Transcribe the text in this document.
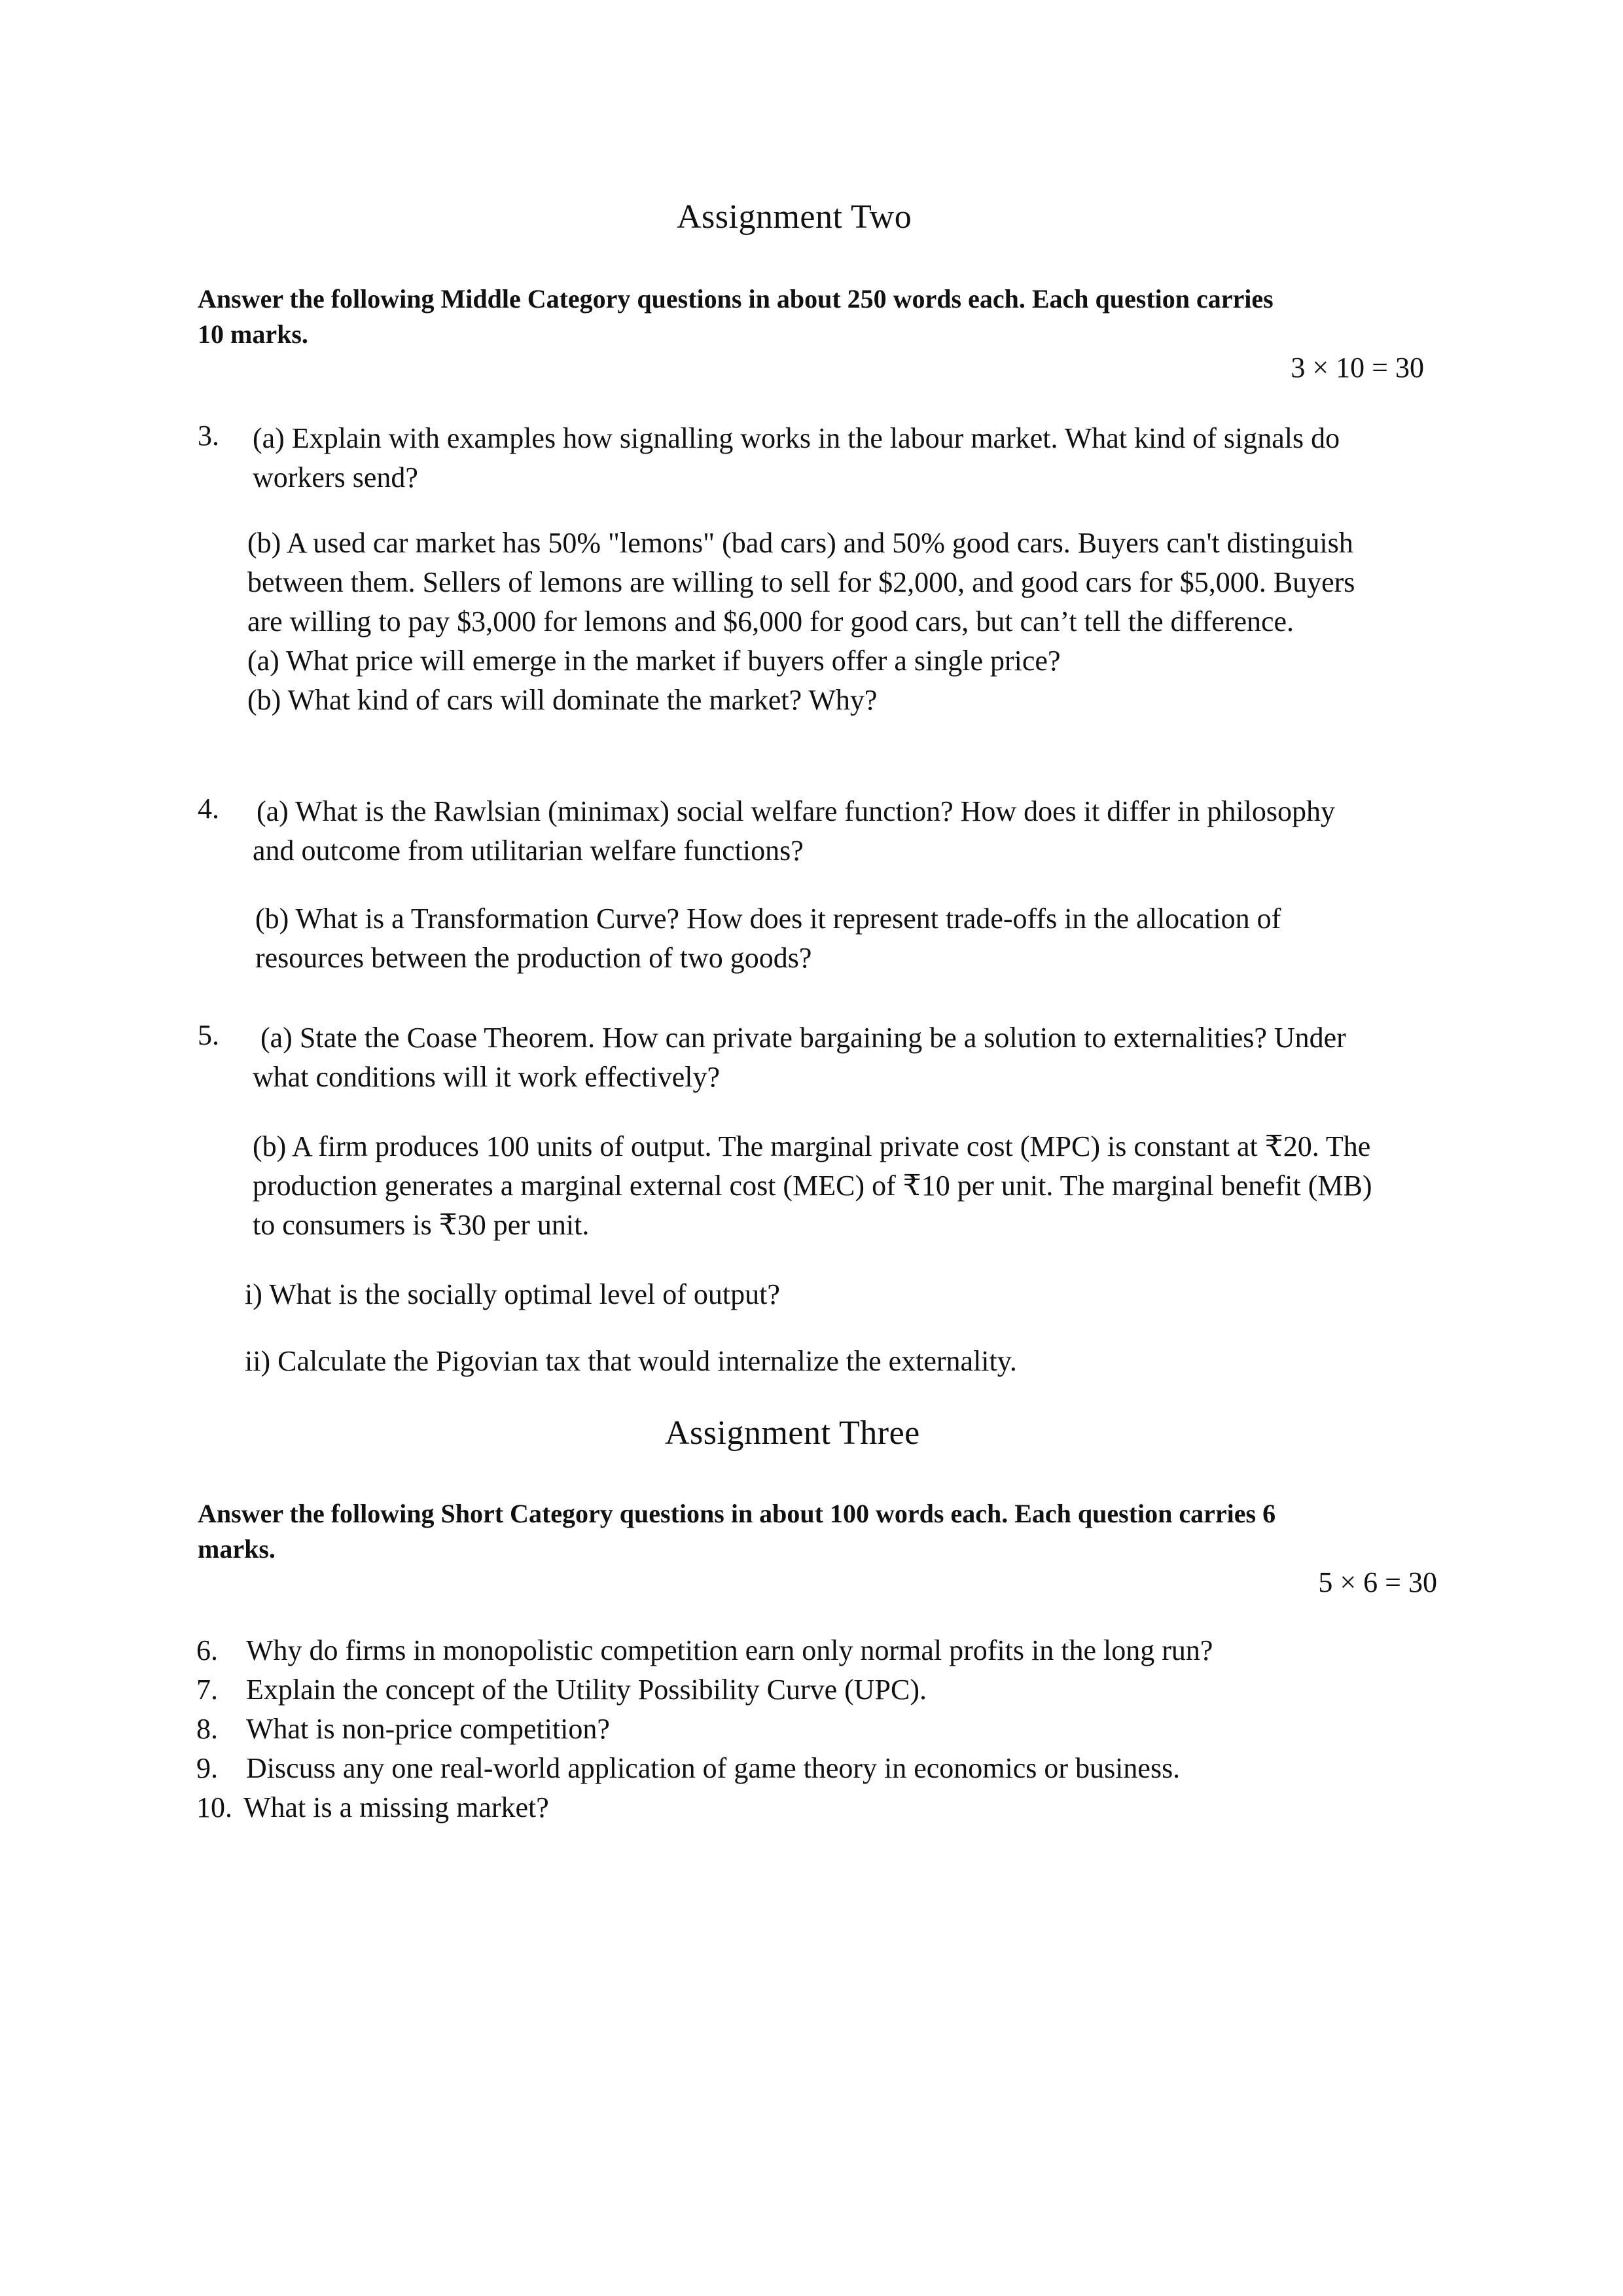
Assignment Two
Answer the following Middle Category questions in about 250 words each. Each question carries
10 marks.
3 × 10 = 30
3. (a) Explain with examples how signalling works in the labour market. What kind of signals do
workers send?
(b) A used car market has 50% "lemons" (bad cars) and 50% good cars. Buyers can't distinguish
between them. Sellers of lemons are willing to sell for $2,000, and good cars for $5,000. Buyers
are willing to pay $3,000 for lemons and $6,000 for good cars, but can’t tell the difference.
(a) What price will emerge in the market if buyers offer a single price?
(b) What kind of cars will dominate the market? Why?
4. (a) What is the Rawlsian (minimax) social welfare function? How does it differ in philosophy
and outcome from utilitarian welfare functions?
(b) What is a Transformation Curve? How does it represent trade-offs in the allocation of
resources between the production of two goods?
5. (a) State the Coase Theorem. How can private bargaining be a solution to externalities? Under
what conditions will it work effectively?
(b) A firm produces 100 units of output. The marginal private cost (MPC) is constant at ₹20. The
production generates a marginal external cost (MEC) of ₹10 per unit. The marginal benefit (MB)
to consumers is ₹30 per unit.
i) What is the socially optimal level of output?
ii) Calculate the Pigovian tax that would internalize the externality.
Assignment Three
Answer the following Short Category questions in about 100 words each. Each question carries 6
marks.
5 × 6 = 30
6. Why do firms in monopolistic competition earn only normal profits in the long run?
7. Explain the concept of the Utility Possibility Curve (UPC).
8. What is non-price competition?
9. Discuss any one real-world application of game theory in economics or business.
10. What is a missing market?
